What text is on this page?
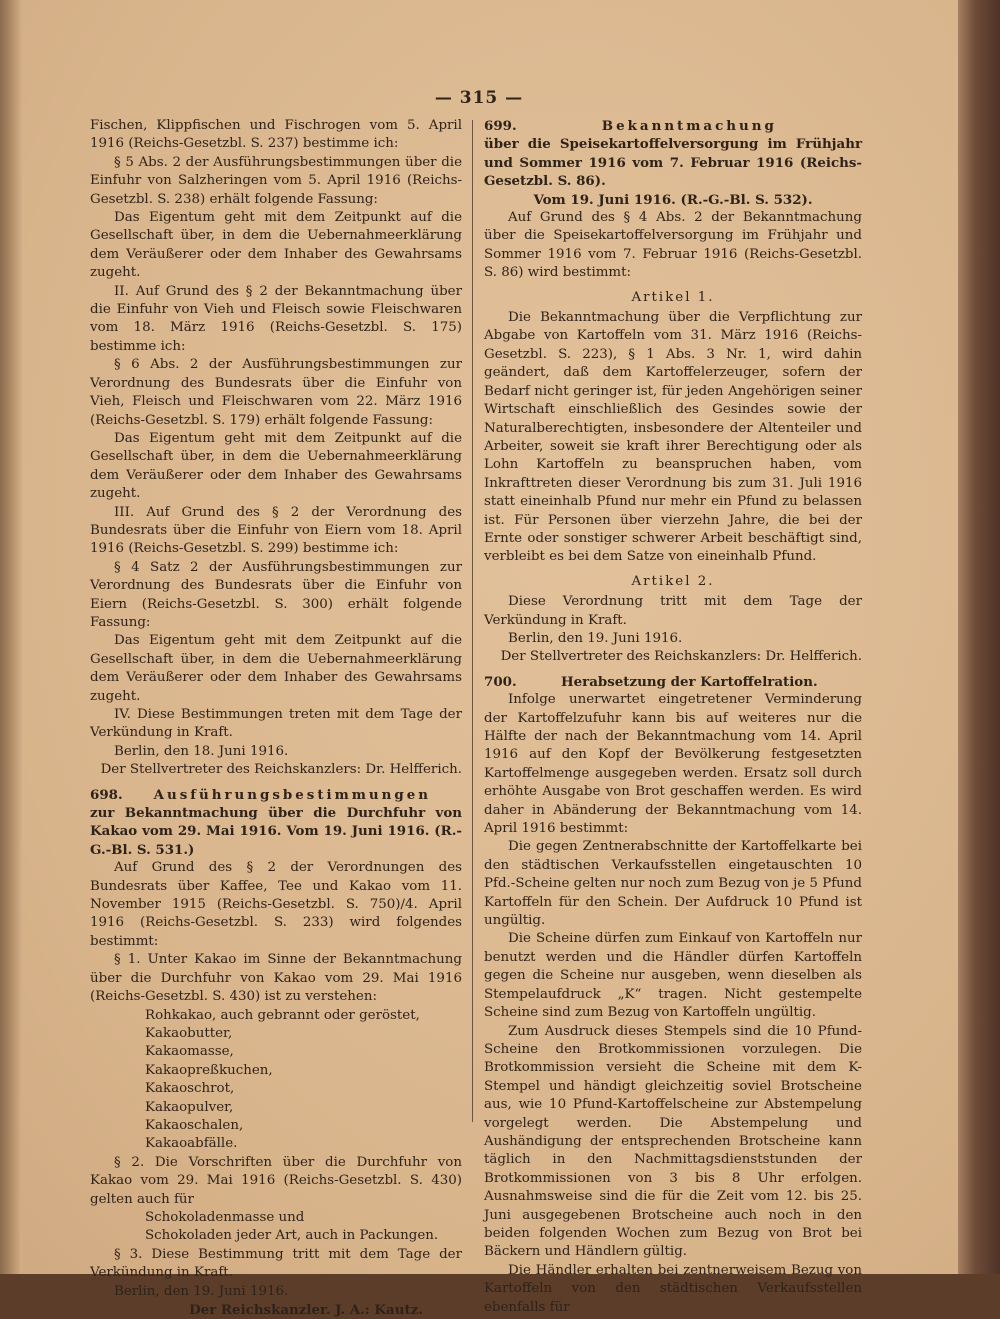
— 315 —

Fischen, Klippfischen und Fischrogen vom 5. April 1916 (Reichs-Gesetzbl. S. 237) bestimme ich:

§ 5 Abs. 2 der Ausführungsbestimmungen über die Einfuhr von Salzheringen vom 5. April 1916 (Reichs-Gesetzbl. S. 238) erhält folgende Fassung:

Das Eigentum geht mit dem Zeitpunkt auf die Gesellschaft über, in dem die Uebernahmeerklärung dem Veräußerer oder dem Inhaber des Gewahrsams zugeht.

II. Auf Grund des § 2 der Bekanntmachung über die Einfuhr von Vieh und Fleisch sowie Fleischwaren vom 18. März 1916 (Reichs-Gesetzbl. S. 175) bestimme ich:

§ 6 Abs. 2 der Ausführungsbestimmungen zur Verordnung des Bundesrats über die Einfuhr von Vieh, Fleisch und Fleischwaren vom 22. März 1916 (Reichs-Gesetzbl. S. 179) erhält folgende Fassung:

Das Eigentum geht mit dem Zeitpunkt auf die Gesellschaft über, in dem die Uebernahmeerklärung dem Veräußerer oder dem Inhaber des Gewahrsams zugeht.

III. Auf Grund des § 2 der Verordnung des Bundesrats über die Einfuhr von Eiern vom 18. April 1916 (Reichs-Gesetzbl. S. 299) bestimme ich:

§ 4 Satz 2 der Ausführungsbestimmungen zur Verordnung des Bundesrats über die Einfuhr von Eiern (Reichs-Gesetzbl. S. 300) erhält folgende Fassung:

Das Eigentum geht mit dem Zeitpunkt auf die Gesellschaft über, in dem die Uebernahmeerklärung dem Veräußerer oder dem Inhaber des Gewahrsams zugeht.

IV. Diese Bestimmungen treten mit dem Tage der Verkündung in Kraft.

Berlin, den 18. Juni 1916.

Der Stellvertreter des Reichskanzlers: Dr. Helfferich.

698. Ausführungsbestimmungen

zur Bekanntmachung über die Durchfuhr von Kakao vom 29. Mai 1916. Vom 19. Juni 1916. (R.-G.-Bl. S. 531.)

Auf Grund des § 2 der Verordnungen des Bundesrats über Kaffee, Tee und Kakao vom 11. November 1915 (Reichs-Gesetzbl. S. 750)/4. April 1916 (Reichs-Gesetzbl. S. 233) wird folgendes bestimmt:

§ 1. Unter Kakao im Sinne der Bekanntmachung über die Durchfuhr von Kakao vom 29. Mai 1916 (Reichs-Gesetzbl. S. 430) ist zu verstehen:

Rohkakao, auch gebrannt oder geröstet,

Kakaobutter,

Kakaomasse,

Kakaopreßkuchen,

Kakaoschrot,

Kakaopulver,

Kakaoschalen,

Kakaoabfälle.

§ 2. Die Vorschriften über die Durchfuhr von Kakao vom 29. Mai 1916 (Reichs-Gesetzbl. S. 430) gelten auch für

Schokoladenmasse und

Schokoladen jeder Art, auch in Packungen.

§ 3. Diese Bestimmung tritt mit dem Tage der Verkündung in Kraft.

Berlin, den 19. Juni 1916.

Der Reichskanzler. J. A.: Kautz.

699.	Bekanntmachung

über die Speisekartoffelversorgung im Frühjahr und Sommer 1916 vom 7. Februar 1916 (Reichs-Gesetzbl. S. 86).

Vom 19. Juni 1916. (R.-G.-Bl. S. 532).

Auf Grund des § 4 Abs. 2 der Bekanntmachung über die Speisekartoffelversorgung im Frühjahr und Sommer 1916 vom 7. Februar 1916 (Reichs-Gesetzbl. S. 86) wird bestimmt:

Artikel 1.

Die Bekanntmachung über die Verpflichtung zur Abgabe von Kartoffeln vom 31. März 1916 (Reichs-Gesetzbl. S. 223), § 1 Abs. 3 Nr. 1, wird dahin geändert, daß dem Kartoffelerzeuger, sofern der Bedarf nicht geringer ist, für jeden Angehörigen seiner Wirtschaft einschließlich des Gesindes sowie der Naturalberechtigten, insbesondere der Altenteiler und Arbeiter, soweit sie kraft ihrer Berechtigung oder als Lohn Kartoffeln zu beanspruchen haben, vom Inkrafttreten dieser Verordnung bis zum 31. Juli 1916 statt eineinhalb Pfund nur mehr ein Pfund zu belassen ist. Für Personen über vierzehn Jahre, die bei der Ernte oder sonstiger schwerer Arbeit beschäftigt sind, verbleibt es bei dem Satze von eineinhalb Pfund.

Artikel 2.

Diese Verordnung tritt mit dem Tage der Verkündung in Kraft.

Berlin, den 19. Juni 1916.

Der Stellvertreter des Reichskanzlers: Dr. Helfferich.

700.	Herabsetzung der Kartoffelration.

Infolge unerwartet eingetretener Verminderung der Kartoffelzufuhr kann bis auf weiteres nur die Hälfte der nach der Bekanntmachung vom 14. April 1916 auf den Kopf der Bevölkerung festgesetzten Kartoffelmenge ausgegeben werden. Ersatz soll durch erhöhte Ausgabe von Brot geschaffen werden. Es wird daher in Abänderung der Bekanntmachung vom 14. April 1916 bestimmt:

Die gegen Zentnerabschnitte der Kartoffelkarte bei den städtischen Verkaufsstellen eingetauschten 10 Pfd.-Scheine gelten nur noch zum Bezug von je 5 Pfund Kartoffeln für den Schein. Der Aufdruck 10 Pfund ist ungültig.

Die Scheine dürfen zum Einkauf von Kartoffeln nur benutzt werden und die Händler dürfen Kartoffeln gegen die Scheine nur ausgeben, wenn dieselben als Stempelaufdruck „K“ tragen. Nicht gestempelte Scheine sind zum Bezug von Kartoffeln ungültig.

Zum Ausdruck dieses Stempels sind die 10 Pfund-Scheine den Brotkommissionen vorzulegen. Die Brotkommission versieht die Scheine mit dem K-Stempel und händigt gleichzeitig soviel Brotscheine aus, wie 10 Pfund-Kartoffelscheine zur Abstempelung vorgelegt werden. Die Abstempelung und Aushändigung der entsprechenden Brotscheine kann täglich in den Nachmittagsdienststunden der Brotkommissionen von 3 bis 8 Uhr erfolgen. Ausnahmsweise sind die für die Zeit vom 12. bis 25. Juni ausgegebenen Brotscheine auch noch in den beiden folgenden Wochen zum Bezug von Brot bei Bäckern und Händlern gültig.

Die Händler erhalten bei zentnerweisem Bezug von Kartoffeln von den städtischen Verkaufsstellen ebenfalls für
